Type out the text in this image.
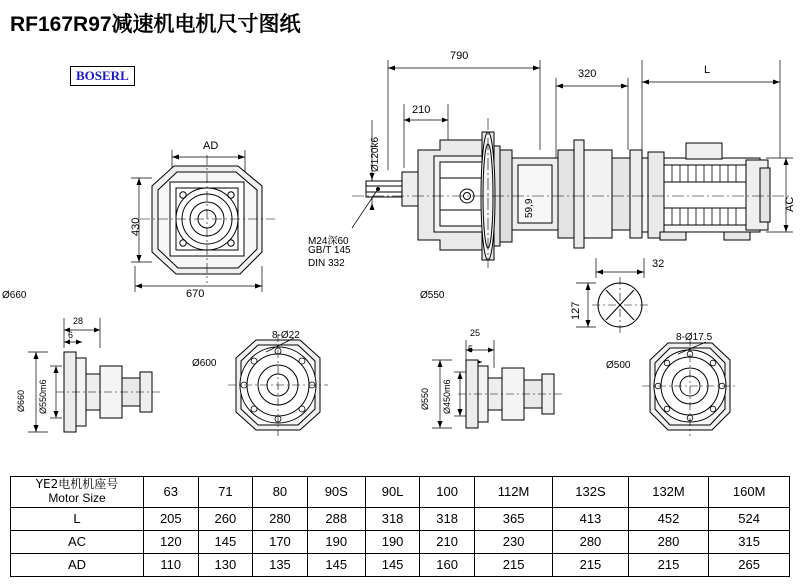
RF167R97减速机电机尺寸图纸
BOSERL
AD
430
670
790
320	L
210
Ø120k6
59,9	AC
M24深60
GB/T 145
DIN 332
Ø550
32
127
Ø660
28
6
Ø660 Ø550m6
8-Ø22
Ø600
25
5
Ø550 Ø450m6
8-Ø17.5
Ø500
YE2电机机座号
Motor Size	63	71	80	90S	90L	100	112M	132S	132M	160M
L	205	260	280	288	318	318	365	413	452	524
AC	120	145	170	190	190	210	230	280	280	315
AD	110	130	135	145	145	160	215	215	215	265
